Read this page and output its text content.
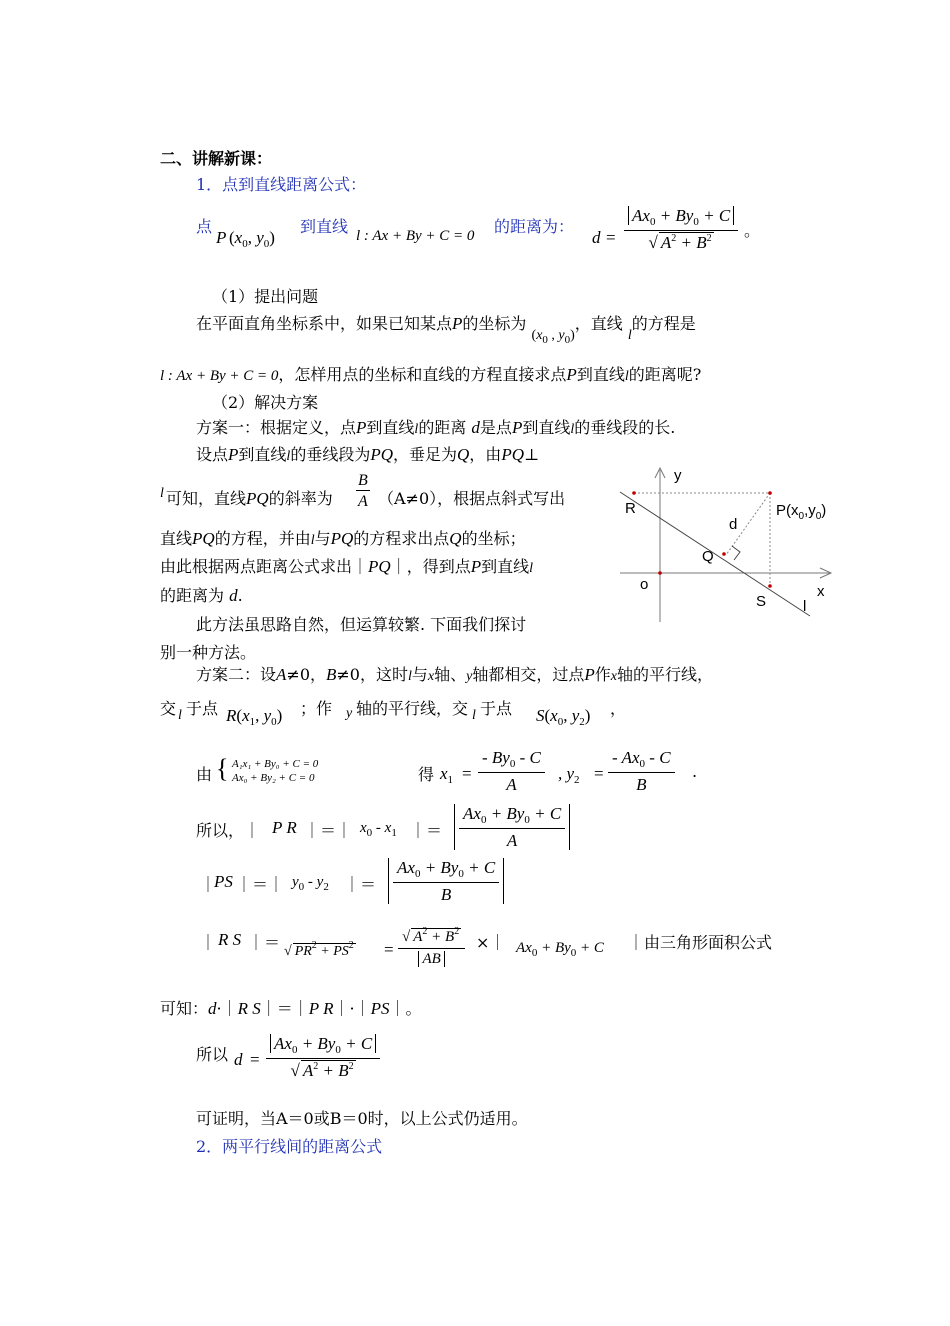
二、讲解新课：
1．点到直线距离公式：
点
P ($x_0$, $y_0$)
到直线 l : Ax + By + C = 0 的距离为：
$d = \frac{Ax_0 + By_0 + C}{√ A^2 + B^2}$ 。
（1）提出问题
在平面直角坐标系中，如果已知某点P的坐标为 ($x_0$ , $y_0$)，直线 l的方程是
l : Ax + By + C = 0，怎样用点的坐标和直线的方程直接求点P到直线l的距离呢?
（2）解决方案
方案一：根据定义，点P到直线l的距离 d是点P到直线l的垂线段的长.
设点P到直线l的垂线段为PQ，垂足为Q，由PQ⊥
l 可知，直线PQ的斜率为 $\frac{B}{A} (A\ne 0)$，根据点斜式写出
直线PQ的方程，并由l与PQ的方程求出点Q的坐标；
由此根据两点距离公式求出｜PQ｜，得到点P到直线l
的距离为 d.
此方法虽思路自然，但运算较繁. 下面我们探讨
别一种方法。
y
x
o
R	$P(x_0,y_0)$
d
Q
S l
方案二：设A≠0，B≠0，这时l与x轴、y轴都相交，过点P作x轴的平行线，
交 l 于点 $R(x_1$, $y_0$) ；作 y 轴的平行线，交 l 于点 $S(x_0$, $y_2$) ，
由 { A₁x₁ + By₀ + C = 0
Ax₀ + By₂ + C = 0	得 $x_1 = \frac{- By_0 - C}{A}$ , $y_2 = \frac{- Ax_0 - C}{B}$ .
所以，｜ P R ｜＝｜ $x_0 - x_1$ ｜＝ $\frac{Ax_0 + By_0 + C}{A}$
｜
PS ｜＝｜ $y_0 - y_2$ ｜＝ $\frac{Ax_0 + By_0 + C}{B}$
｜ R S ｜＝ √ $PR^2 + PS^2 = \frac{√ A^2 + B^2}{AB}$ ×｜ $Ax_0 + By_0 + C$ ｜由三角形面积公式
可知：d·｜R S｜＝｜P R｜·｜PS｜。
所以 $d = \frac{Ax_0 + By_0 + C}{√ A^2 + B^2}$
可证明，当A＝0或B＝0时，以上公式仍适用。
2．两平行线间的距离公式
